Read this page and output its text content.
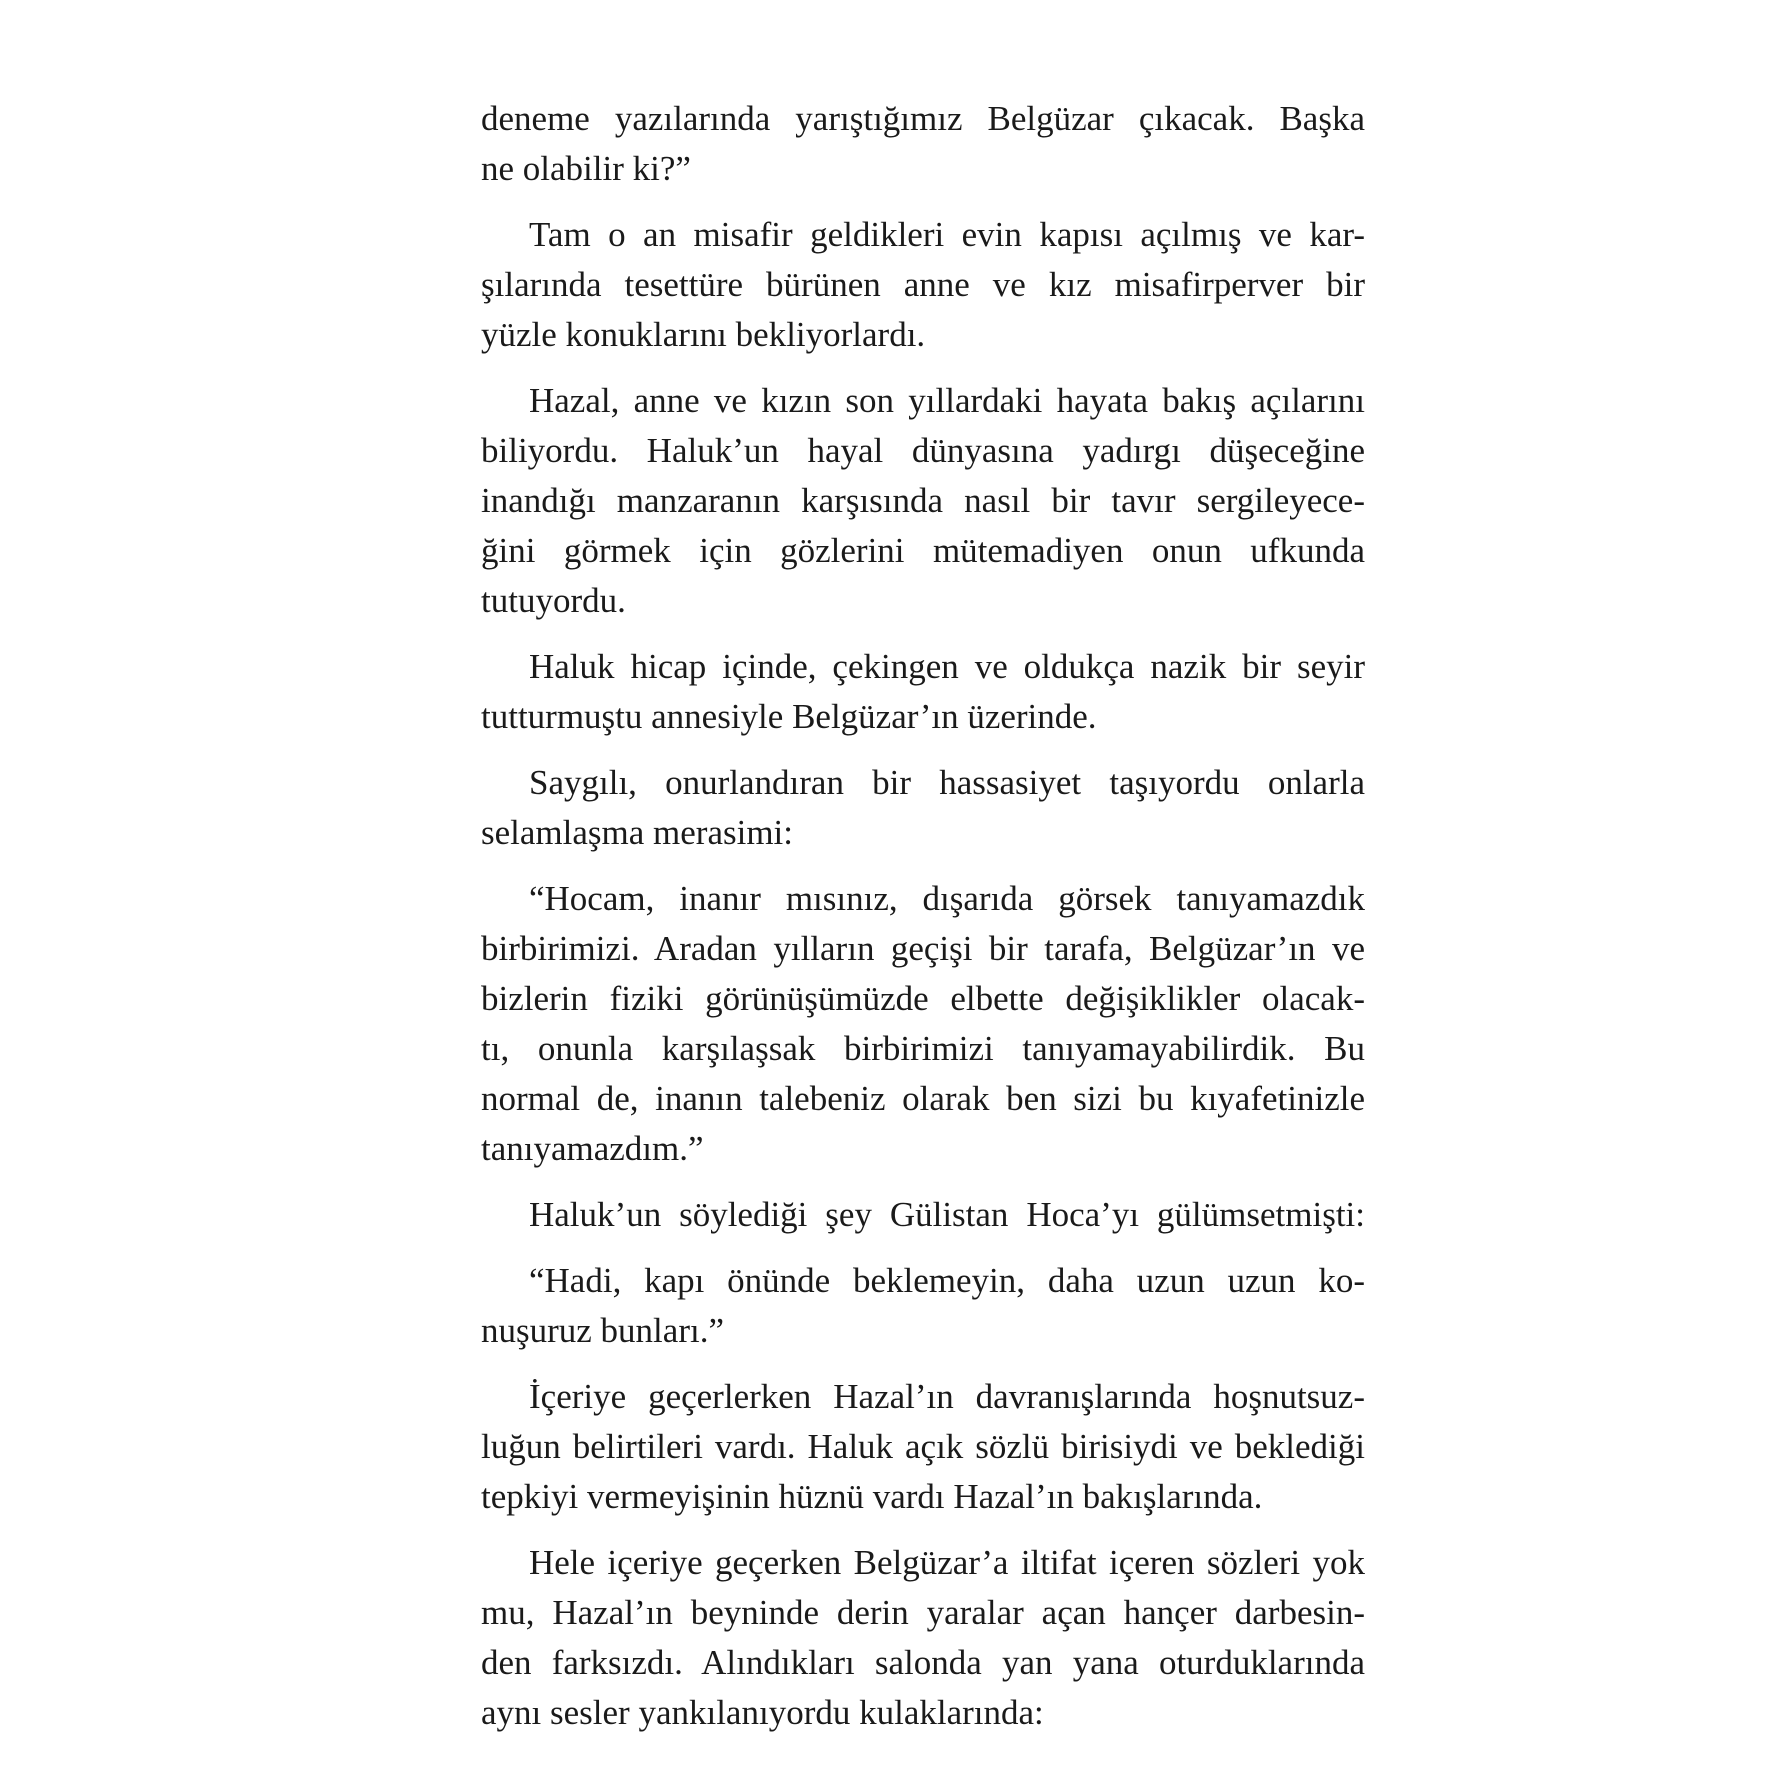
deneme yazılarında yarıştığımız Belgüzar çıkacak. Başka
ne olabilir ki?”
Tam o an misafir geldikleri evin kapısı açılmış ve kar-
şılarında tesettüre bürünen anne ve kız misafirperver bir
yüzle konuklarını bekliyorlardı.
Hazal, anne ve kızın son yıllardaki hayata bakış açılarını
biliyordu. Haluk’un hayal dünyasına yadırgı düşeceğine
inandığı manzaranın karşısında nasıl bir tavır sergileyece-
ğini görmek için gözlerini mütemadiyen onun ufkunda
tutuyordu.
Haluk hicap içinde, çekingen ve oldukça nazik bir seyir
tutturmuştu annesiyle Belgüzar’ın üzerinde.
Saygılı, onurlandıran bir hassasiyet taşıyordu onlarla
selamlaşma merasimi:
“Hocam, inanır mısınız, dışarıda görsek tanıyamazdık
birbirimizi. Aradan yılların geçişi bir tarafa, Belgüzar’ın ve
bizlerin fiziki görünüşümüzde elbette değişiklikler olacak-
tı, onunla karşılaşsak birbirimizi tanıyamayabilirdik. Bu
normal de, inanın talebeniz olarak ben sizi bu kıyafetinizle
tanıyamazdım.”
Haluk’un söylediği şey Gülistan Hoca’yı gülümsetmişti:
“Hadi, kapı önünde beklemeyin, daha uzun uzun ko-
nuşuruz bunları.”
İçeriye geçerlerken Hazal’ın davranışlarında hoşnutsuz-
luğun belirtileri vardı. Haluk açık sözlü birisiydi ve beklediği
tepkiyi vermeyişinin hüznü vardı Hazal’ın bakışlarında.
Hele içeriye geçerken Belgüzar’a iltifat içeren sözleri yok
mu, Hazal’ın beyninde derin yaralar açan hançer darbesin-
den farksızdı. Alındıkları salonda yan yana oturduklarında
aynı sesler yankılanıyordu kulaklarında:
